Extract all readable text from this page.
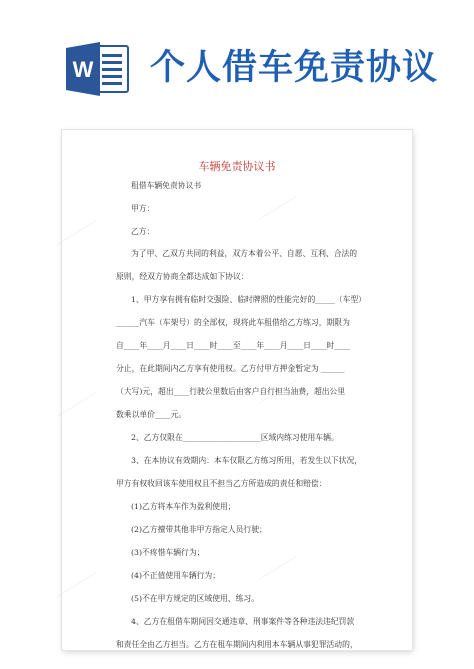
W 个人借车免责协议
───────
───────
───────	───────
───────	───────
车辆免责协议书
租借车辆免责协议书
甲方：
乙方：
为了甲、乙双方共同的利益，双方本着公平、自愿、互利、合法的
原则，经双方协商全都达成如下协议：
1、甲方享有拥有临时交强险、临时牌照的性能完好的_____（车型）
______汽车（车架号）的全部权，现将此车租借给乙方练习，期限为
自____年____月____日____时____至____年____月____日____时____
分止，在此期间内乙方享有使用权。乙方付甲方押金暂定为 ______
（大写)元，超出____行驶公里数后由客户自行担当油费，超出公里
数乘以单价____元。
2、乙方仅限在____________________区域内练习使用车辆。
3、在本协议有效期内：本车仅限乙方练习所用，若发生以下状况，
甲方有权收回该车使用权且不担当乙方所造成的责任和赔偿：
(1)乙方将本车作为盈利使用；
(2)乙方擅带其他非甲方指定人员行驶；
(3)不疼惜车辆行为；
(4)不正值使用车辆行为；
(5)不在甲方规定的区域使用、练习。
4、乙方在租借车期间因交通违章、刑事案件等各种违法违纪罚款
和责任全由乙方担当。乙方在租车期间内利用本车辆从事犯罪活动的，
